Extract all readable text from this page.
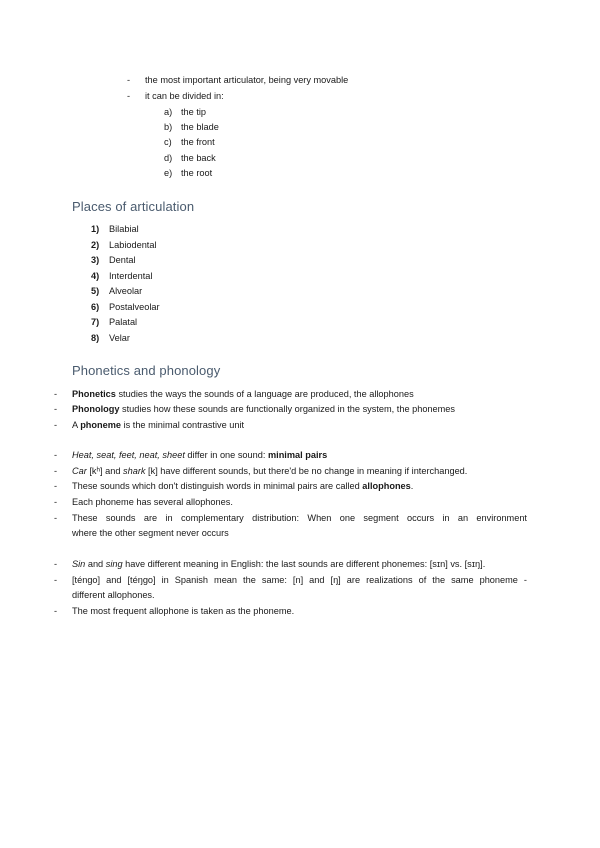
- the most important articulator, being very movable
- it can be divided in:
a) the tip
b) the blade
c) the front
d) the back
e) the root
Places of articulation
1) Bilabial
2) Labiodental
3) Dental
4) Interdental
5) Alveolar
6) Postalveolar
7) Palatal
8) Velar
Phonetics and phonology
-
-
-
-
-
-
-
-
-
-
-
Phonetics studies the ways the sounds of a language are produced, the allophones
Phonology studies how these sounds are functionally organized in the system, the phonemes
A phoneme is the minimal contrastive unit
Heat, seat, feet, neat, sheet differ in one sound: minimal pairs
Car [kʰ] and shark [k] have different sounds, but there'd be no change in meaning if interchanged.
These sounds which don't distinguish words in minimal pairs are called allophones.
Each phoneme has several allophones.
These sounds are in complementary distribution: When one segment occurs in an environment
where the other segment never occurs
Sin and sing have different meaning in English: the last sounds are different phonemes: [sɪn] vs. [sɪŋ].
[téngo] and [téŋgo] in Spanish mean the same: [n] and [ŋ] are realizations of the same phoneme -
different allophones.
The most frequent allophone is taken as the phoneme.
